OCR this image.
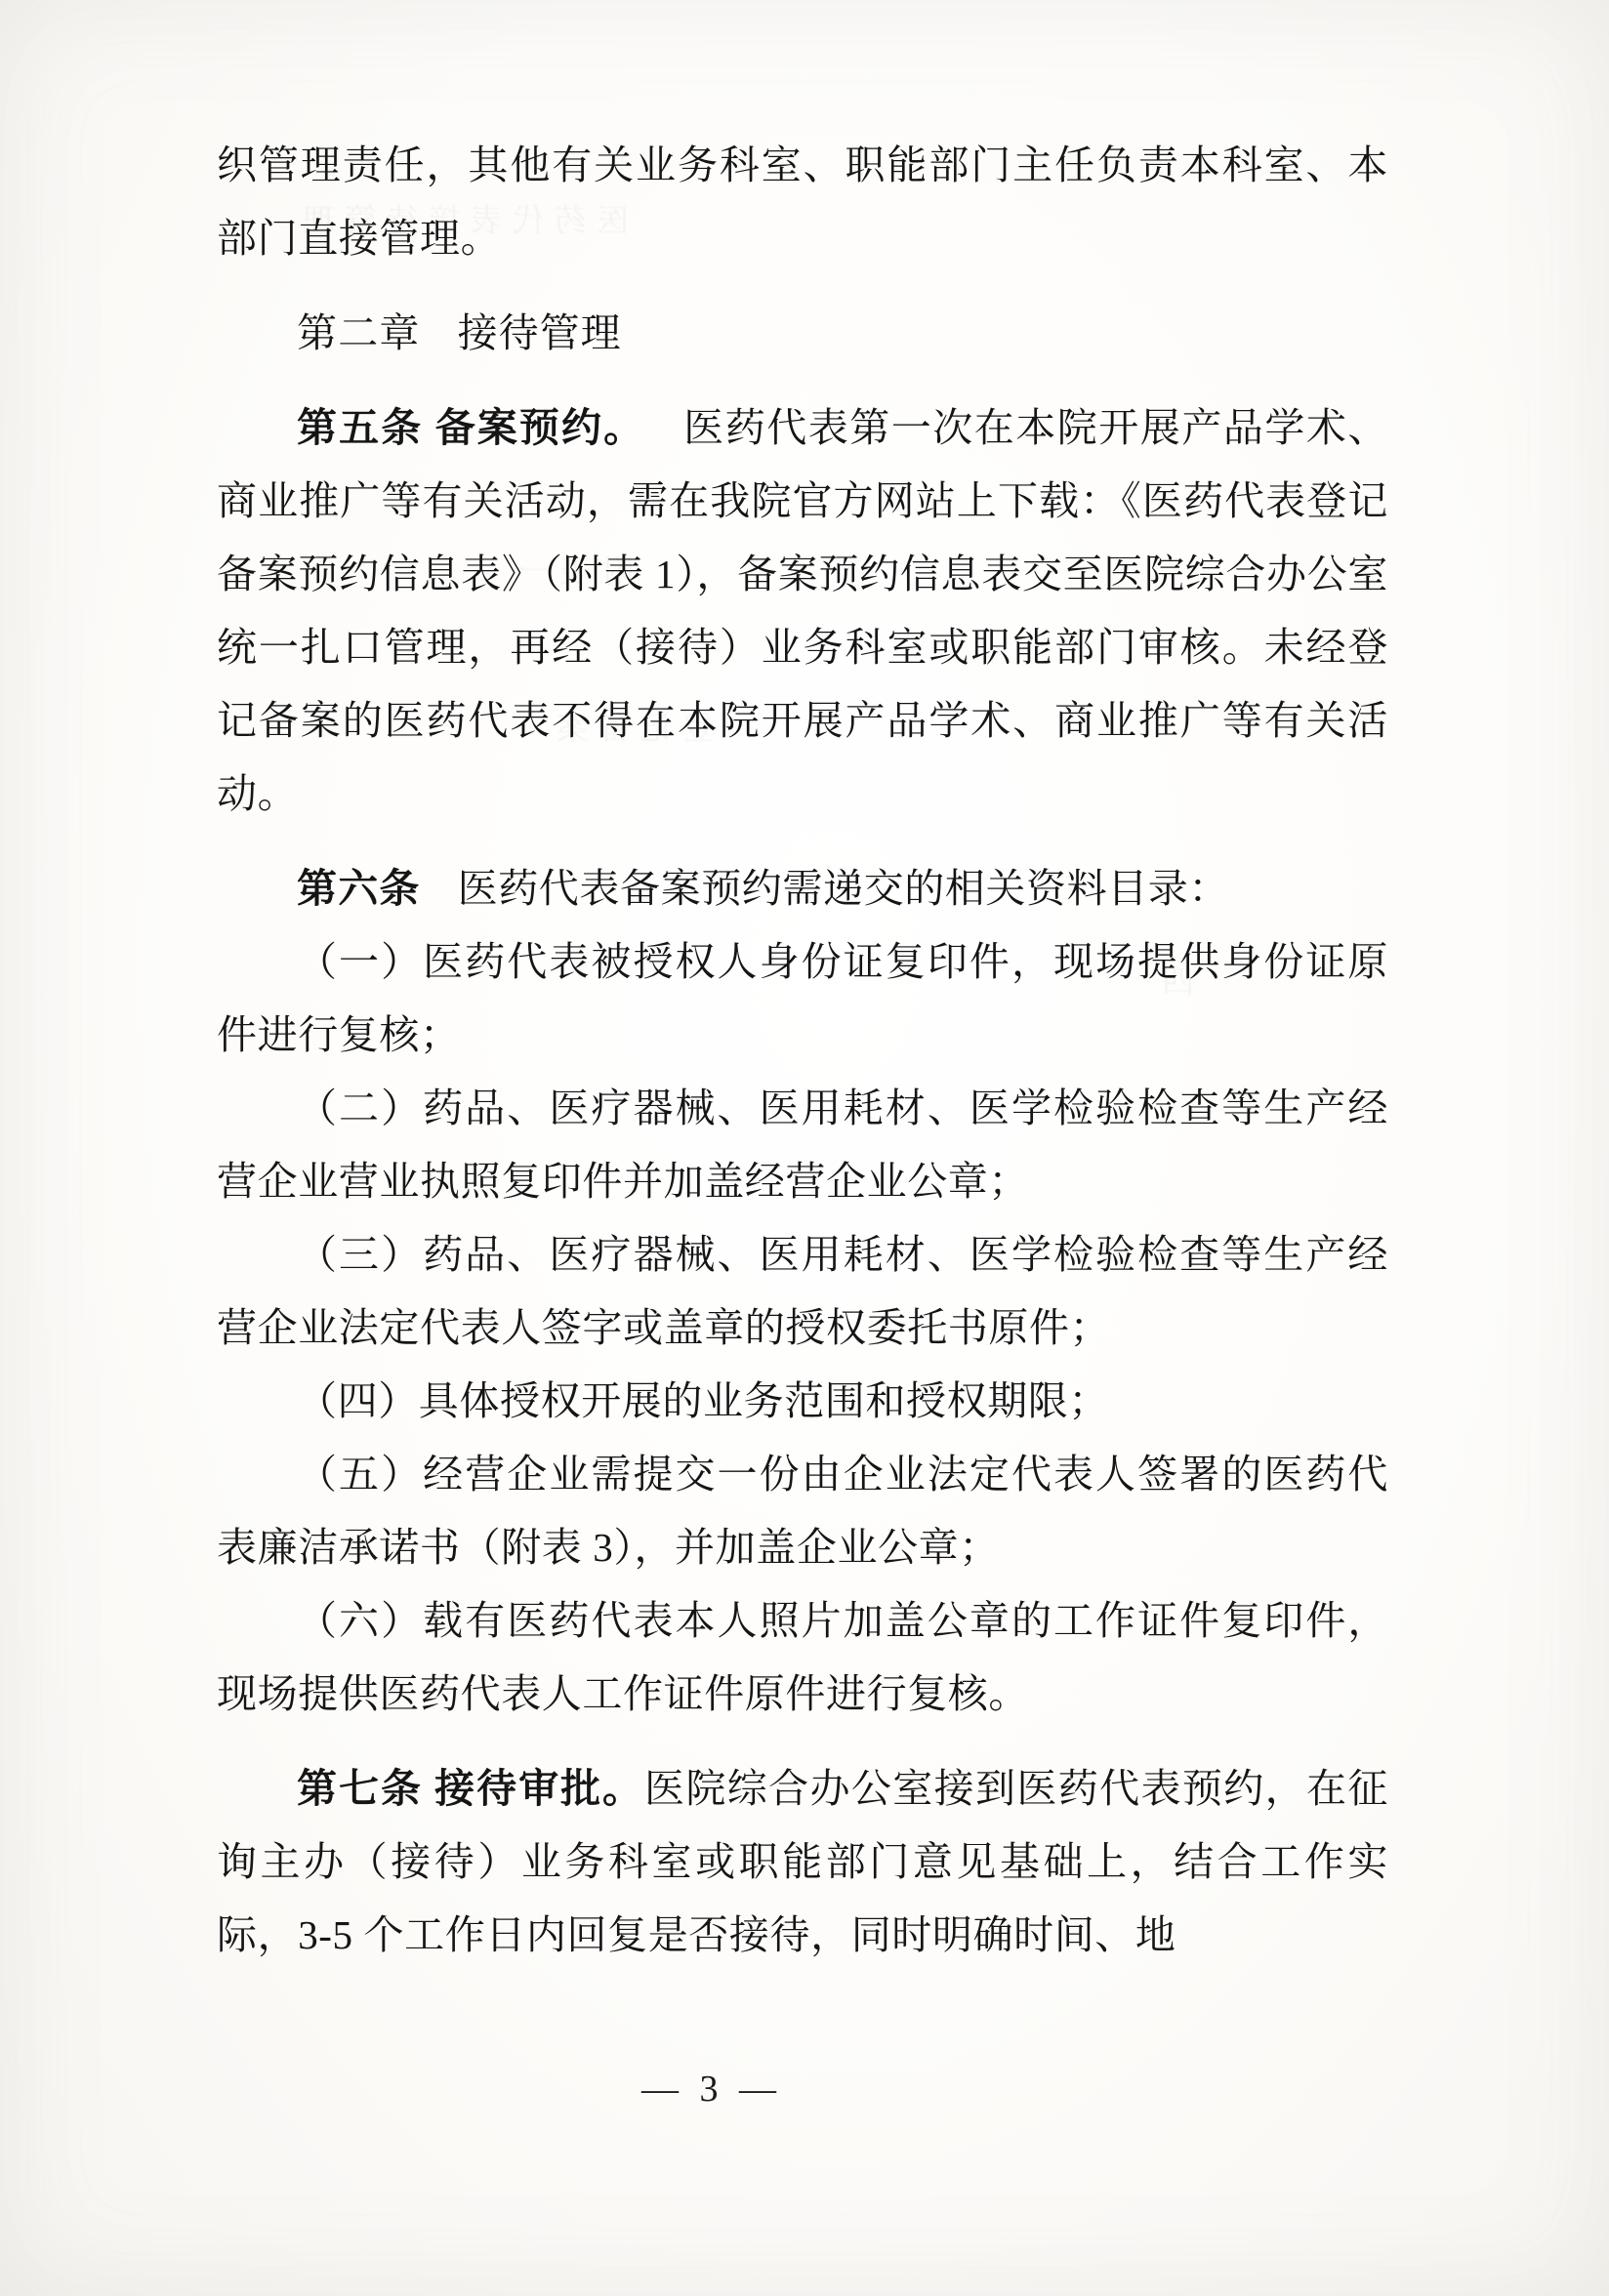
织管理责任，其他有关业务科室、职能部门主任负责本科室、本部门直接管理。

第二章 接待管理

第五条 备案预约。 医药代表第一次在本院开展产品学术、商业推广等有关活动，需在我院官方网站上下载：《医药代表登记备案预约信息表》（附表 1），备案预约信息表交至医院综合办公室统一扎口管理，再经（接待）业务科室或职能部门审核。未经登记备案的医药代表不得在本院开展产品学术、商业推广等有关活动。

第六条 医药代表备案预约需递交的相关资料目录：

（一）医药代表被授权人身份证复印件，现场提供身份证原件进行复核；

（二）药品、医疗器械、医用耗材、医学检验检查等生产经营企业营业执照复印件并加盖经营企业公章；

（三）药品、医疗器械、医用耗材、医学检验检查等生产经营企业法定代表人签字或盖章的授权委托书原件；

（四）具体授权开展的业务范围和授权期限；

（五）经营企业需提交一份由企业法定代表人签署的医药代表廉洁承诺书（附表 3），并加盖企业公章；

（六）载有医药代表本人照片加盖公章的工作证件复印件，现场提供医药代表人工作证件原件进行复核。

第七条 接待审批。医院综合办公室接到医药代表预约，在征询主办（接待）业务科室或职能部门意见基础上，结合工作实际，3-5 个工作日内回复是否接待，同时明确时间、地

— 3 —
